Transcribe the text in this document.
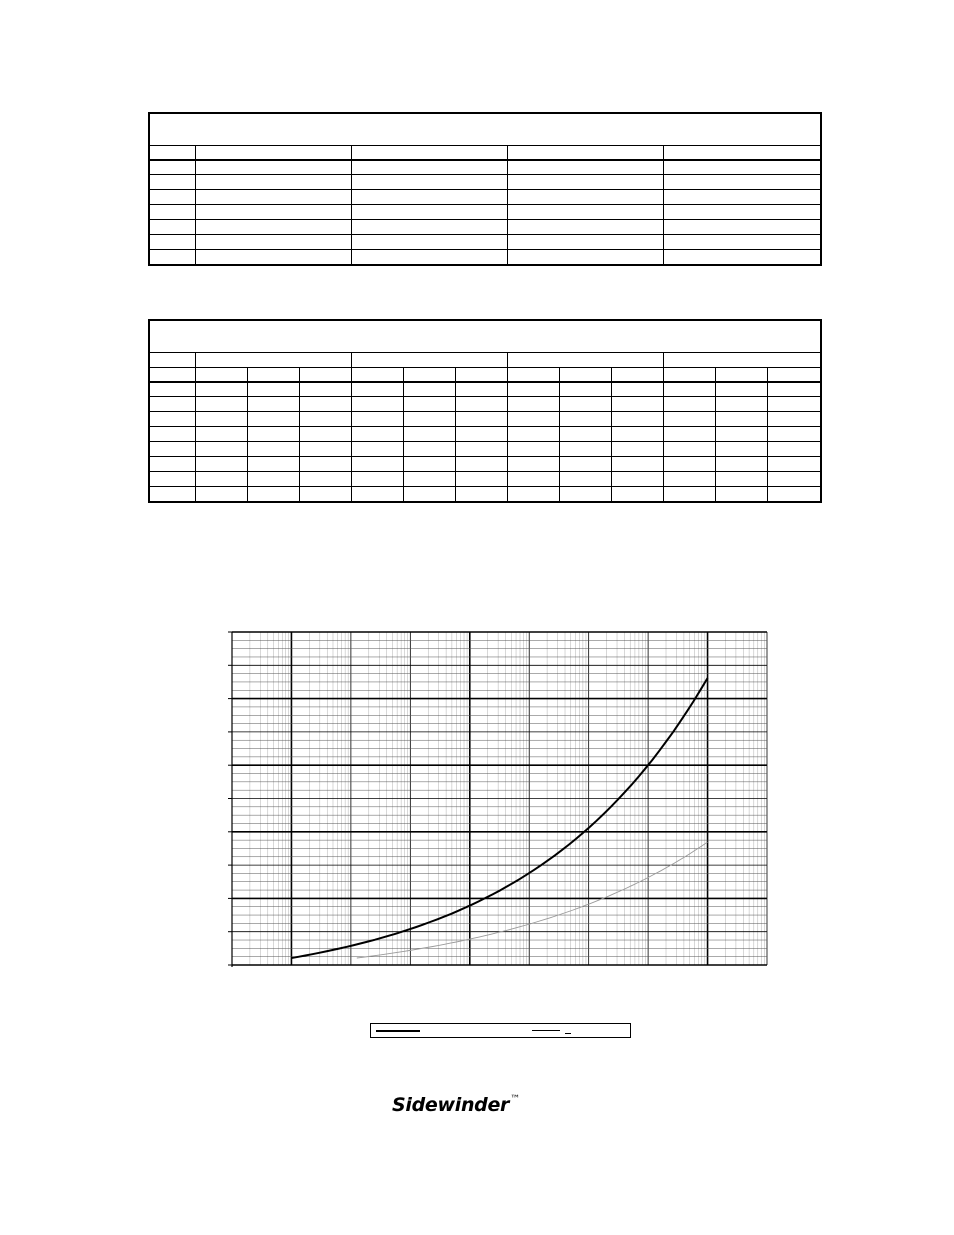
Sidewinder™
